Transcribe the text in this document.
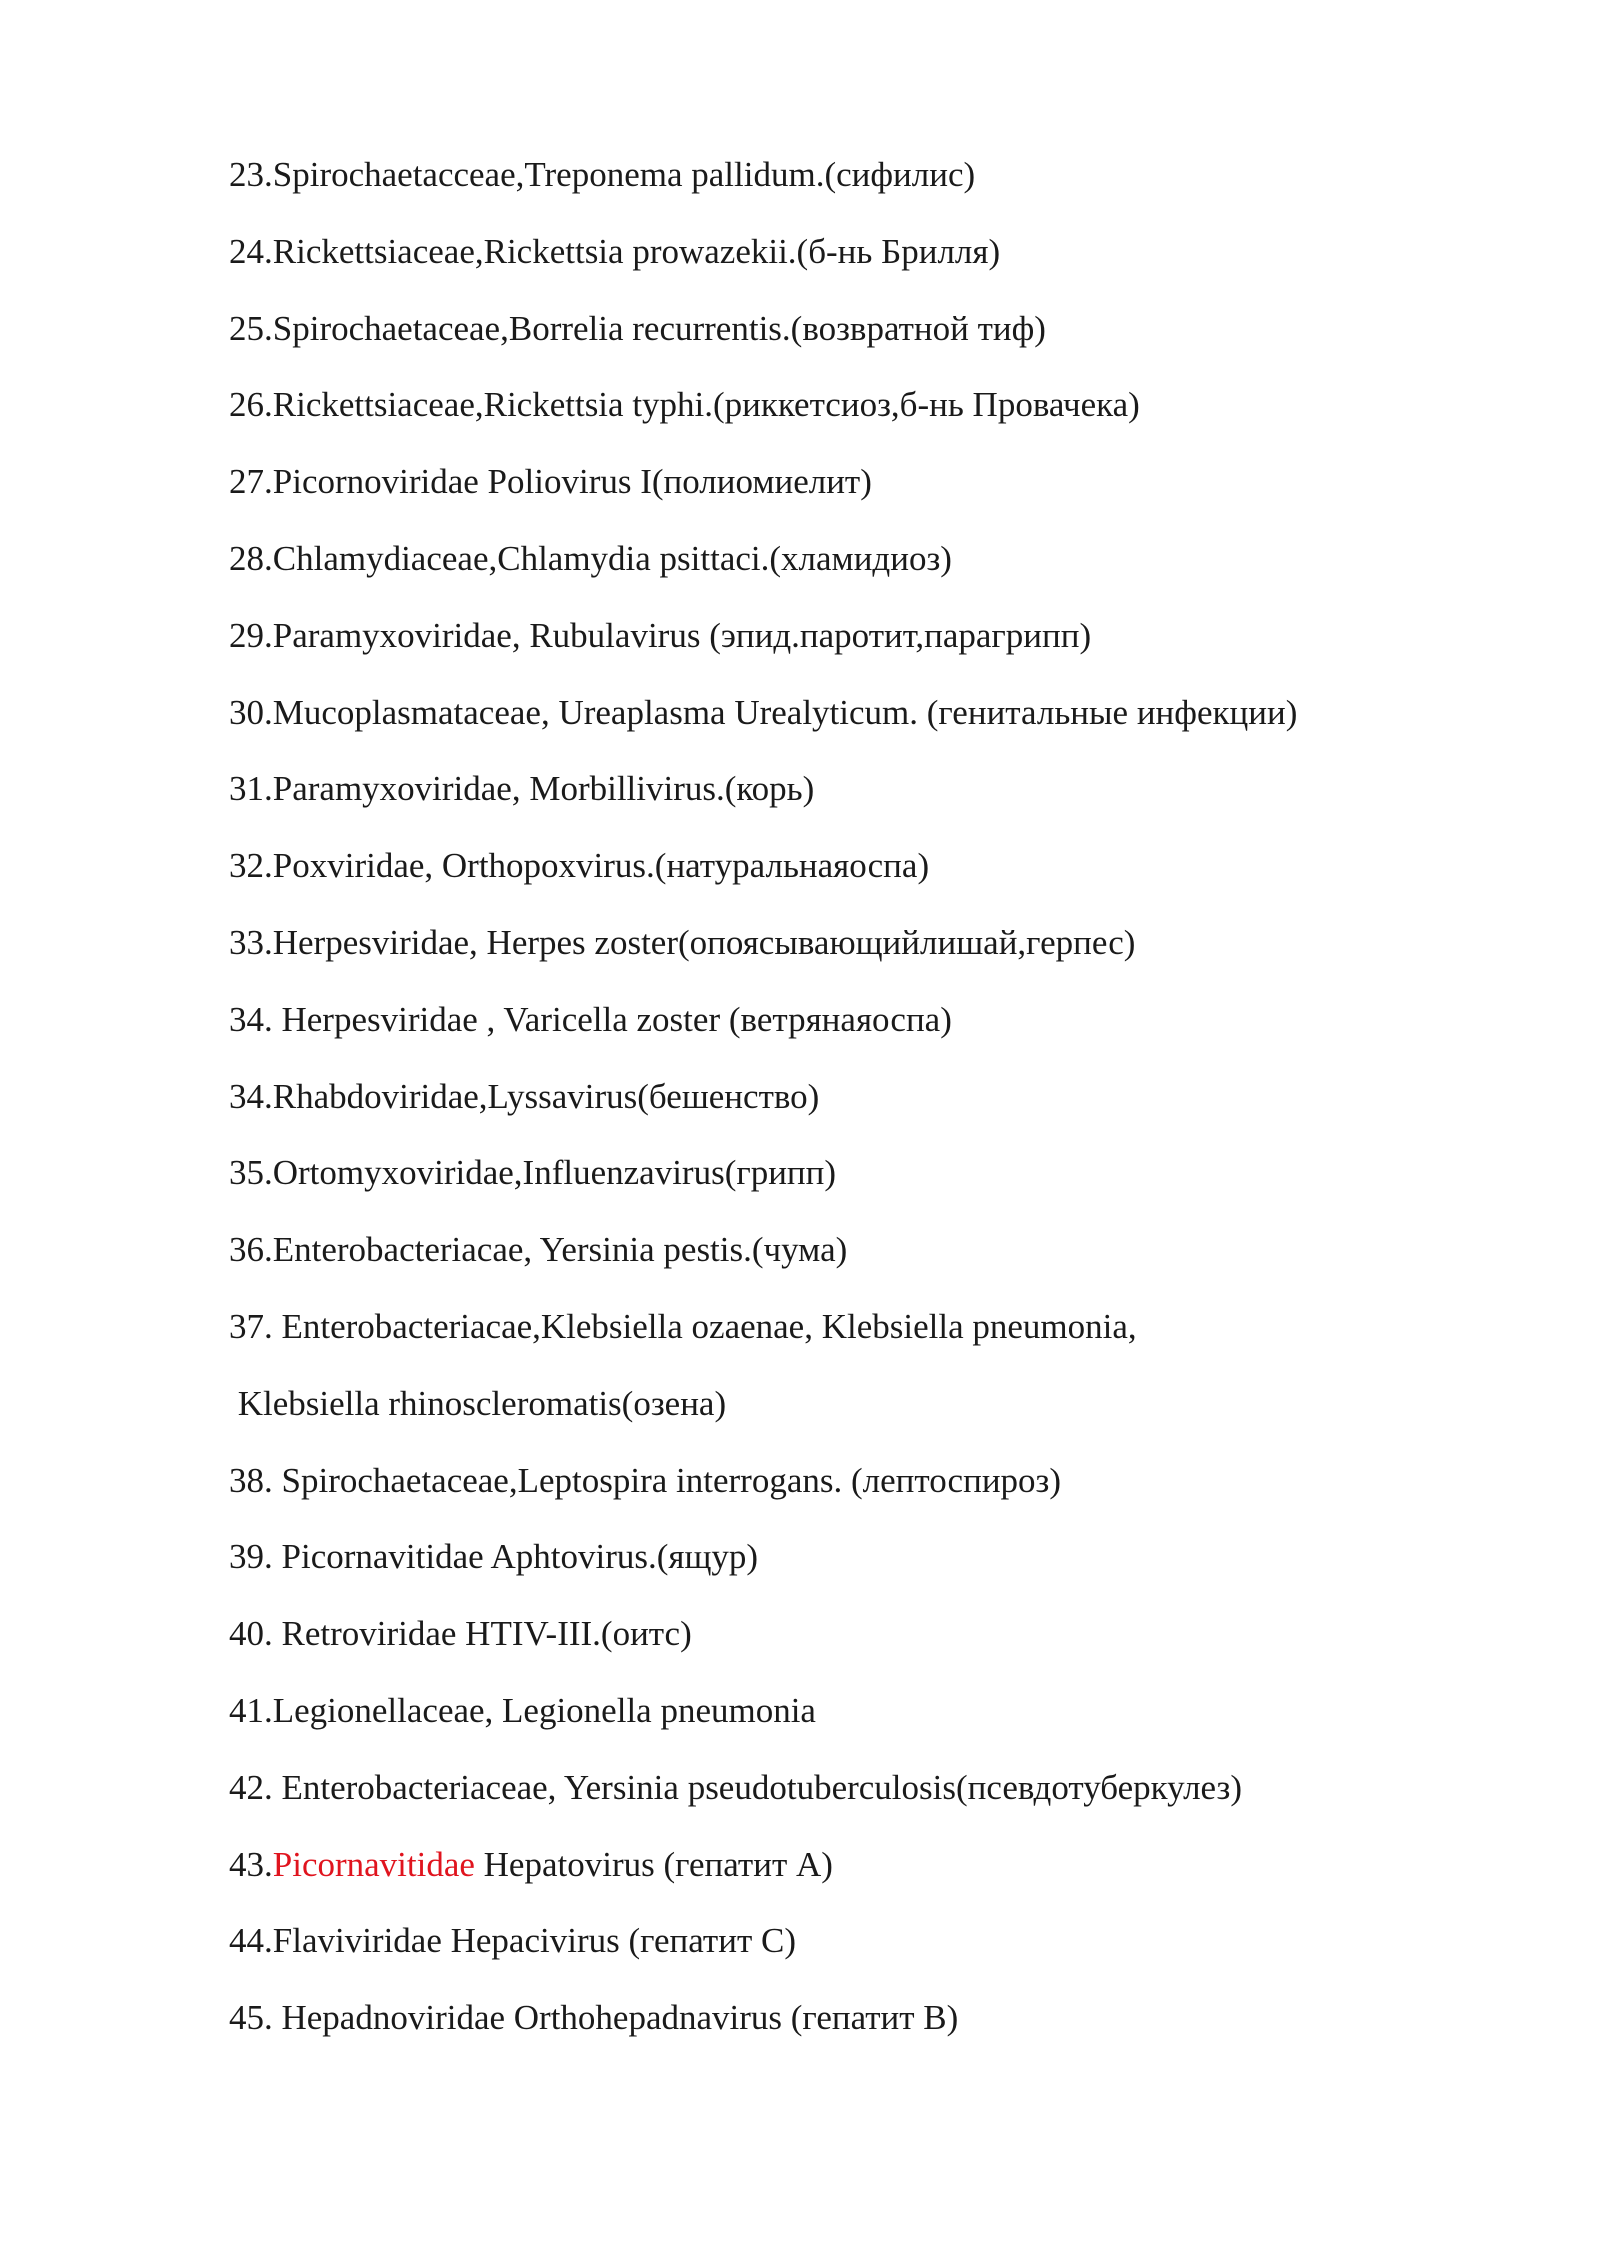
23.Spirochaetacceae,Treponema pallidum.(сифилис)
24.Rickettsiaceae,Rickettsia prowazekii.(б-нь Брилля)
25.Spirochaetaceae,Borrelia recurrentis.(возвратной тиф)
26.Rickettsiaceae,Rickettsia typhi.(риккетсиоз,б-нь Провачека)
27.Picornoviridae Poliovirus I(полиомиелит)
28.Chlamydiaceae,Chlamydia psittaci.(хламидиоз)
29.Paramyxoviridae, Rubulavirus (эпид.паротит,парагрипп)
30.Mucoplasmataceae, Ureaplasma Urealyticum. (генитальные инфекции)
31.Paramyxoviridae, Morbillivirus.(корь)
32.Poxviridae, Orthopoxvirus.(натуральнаяоспа)
33.Herpesviridae, Herpes zoster(опоясывающийлишай,герпес)
34. Herpesviridae , Varicella zoster (ветрянаяоспа)
34.Rhabdoviridae,Lyssavirus(бешенство)
35.Ortomyxoviridae,Influenzavirus(грипп)
36.Enterobacteriacae, Yersinia pestis.(чума)
37. Enterobacteriacae,Klebsiella ozaenae, Klebsiella pneumonia,
Klebsiella rhinoscleromatis(озена)
38. Spirochaetaceae,Leptospira interrogans. (лептоспироз)
39. Picornavitidae Aphtovirus.(ящур)
40. Retroviridae HTIV-III.(оитс)
41.Legionellaceae, Legionella pneumonia
42. Enterobacteriaceae, Yersinia pseudotuberculosis(псевдотуберкулез)
43.Picornavitidae Hepatovirus (гепатит А)
44.Flaviviridae Hepacivirus (гепатит С)
45. Hepadnoviridae Orthohepadnavirus (гепатит В)
